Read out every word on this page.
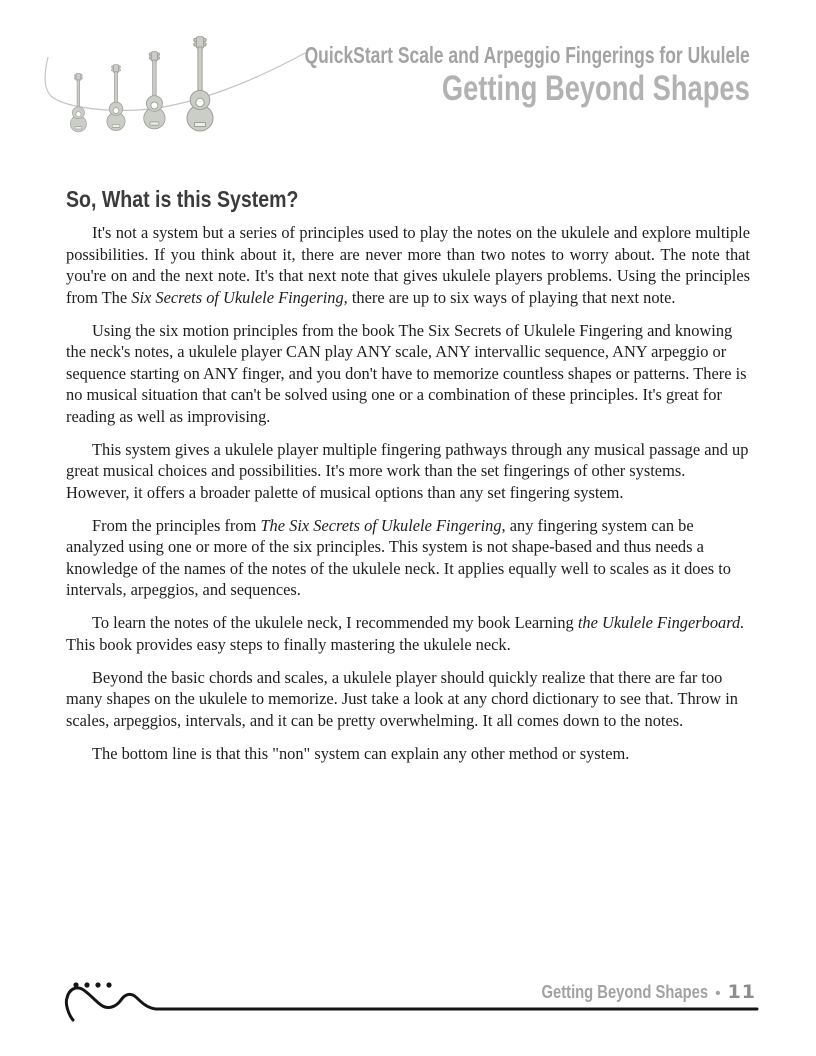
QuickStart Scale and Arpeggio Fingerings for Ukulele
Getting Beyond Shapes
So, What is this System?

It's not a system but a series of principles used to play the notes on the ukulele and explore multiple possibilities. If you think about it, there are never more than two notes to worry about. The note that you're on and the next note. It's that next note that gives ukulele players problems. Using the principles from The Six Secrets of Ukulele Fingering, there are up to six ways of playing that next note.

Using the six motion principles from the book The Six Secrets of Ukulele Fingering and knowing the neck's notes, a ukulele player CAN play ANY scale, ANY intervallic sequence, ANY arpeggio or sequence starting on ANY finger, and you don't have to memorize countless shapes or patterns. There is no musical situation that can't be solved using one or a combination of these principles. It's great for reading as well as improvising.

This system gives a ukulele player multiple fingering pathways through any musical passage and up great musical choices and possibilities. It's more work than the set fingerings of other systems. However, it offers a broader palette of musical options than any set fingering system.

From the principles from The Six Secrets of Ukulele Fingering, any fingering system can be analyzed using one or more of the six principles. This system is not shape-based and thus needs a knowledge of the names of the notes of the ukulele neck. It applies equally well to scales as it does to intervals, arpeggios, and sequences.

To learn the notes of the ukulele neck, I recommended my book Learning the Ukulele Fingerboard. This book provides easy steps to finally mastering the ukulele neck.

Beyond the basic chords and scales, a ukulele player should quickly realize that there are far too many shapes on the ukulele to memorize. Just take a look at any chord dictionary to see that. Throw in scales, arpeggios, intervals, and it can be pretty overwhelming. It all comes down to the notes.

The bottom line is that this "non" system can explain any other method or system.

Getting Beyond Shapes • 11
